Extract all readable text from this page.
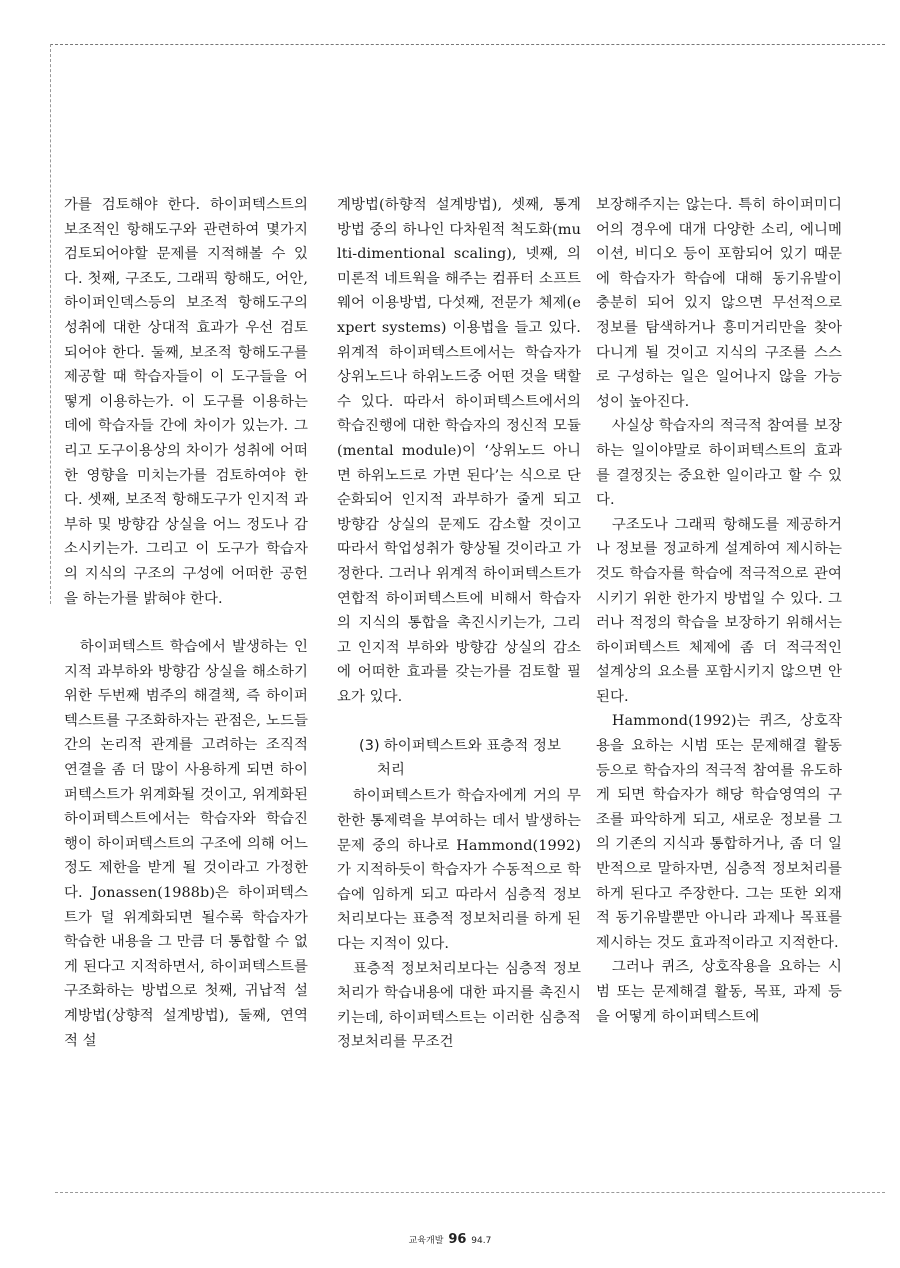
가를 검토해야 한다. 하이퍼텍스트의 보조적인 항해도구와 관련하여 몇가지 검토되어야할 문제를 지적해볼 수 있다. 첫째, 구조도, 그래픽 항해도, 어안, 하이퍼인덱스등의 보조적 항해도구의 성취에 대한 상대적 효과가 우선 검토되어야 한다. 둘째, 보조적 항해도구를 제공할 때 학습자들이 이 도구들을 어떻게 이용하는가. 이 도구를 이용하는 데에 학습자들 간에 차이가 있는가. 그리고 도구이용상의 차이가 성취에 어떠한 영향을 미치는가를 검토하여야 한다. 셋째, 보조적 항해도구가 인지적 과부하 및 방향감 상실을 어느 정도나 감소시키는가. 그리고 이 도구가 학습자의 지식의 구조의 구성에 어떠한 공헌을 하는가를 밝혀야 한다.

하이퍼텍스트 학습에서 발생하는 인지적 과부하와 방향감 상실을 해소하기 위한 두번째 범주의 해결책, 즉 하이퍼텍스트를 구조화하자는 관점은, 노드들간의 논리적 관계를 고려하는 조직적 연결을 좀 더 많이 사용하게 되면 하이퍼텍스트가 위계화될 것이고, 위계화된 하이퍼텍스트에서는 학습자와 학습진행이 하이퍼텍스트의 구조에 의해 어느 정도 제한을 받게 될 것이라고 가정한다. Jonassen(1988b)은 하이퍼텍스트가 덜 위계화되면 될수록 학습자가 학습한 내용을 그 만큼 더 통합할 수 없게 된다고 지적하면서, 하이퍼텍스트를 구조화하는 방법으로 첫째, 귀납적 설계방법(상향적 설계방법), 둘째, 연역적 설

계방법(하향적 설계방법), 셋째, 통계방법 중의 하나인 다차원적 척도화(multi-dimentional scaling), 넷째, 의미론적 네트웍을 해주는 컴퓨터 소프트웨어 이용방법, 다섯째, 전문가 체제(expert systems) 이용법을 들고 있다. 위계적 하이퍼텍스트에서는 학습자가 상위노드나 하위노드중 어떤 것을 택할 수 있다. 따라서 하이퍼텍스트에서의 학습진행에 대한 학습자의 정신적 모듈(mental module)이 ‘상위노드 아니면 하위노드로 가면 된다’는 식으로 단순화되어 인지적 과부하가 줄게 되고 방향감 상실의 문제도 감소할 것이고 따라서 학업성취가 향상될 것이라고 가정한다. 그러나 위계적 하이퍼텍스트가 연합적 하이퍼텍스트에 비해서 학습자의 지식의 통합을 촉진시키는가, 그리고 인지적 부하와 방향감 상실의 감소에 어떠한 효과를 갖는가를 검토할 필요가 있다.

(3) 하이퍼텍스트와 표층적 정보
처리

하이퍼텍스트가 학습자에게 거의 무한한 통제력을 부여하는 데서 발생하는 문제 중의 하나로 Hammond(1992)가 지적하듯이 학습자가 수동적으로 학습에 임하게 되고 따라서 심층적 정보처리보다는 표층적 정보처리를 하게 된다는 지적이 있다.

표층적 정보처리보다는 심층적 정보처리가 학습내용에 대한 파지를 촉진시키는데, 하이퍼텍스트는 이러한 심층적 정보처리를 무조건

보장해주지는 않는다. 특히 하이퍼미디어의 경우에 대개 다양한 소리, 에니메이션, 비디오 등이 포함되어 있기 때문에 학습자가 학습에 대해 동기유발이 충분히 되어 있지 않으면 무선적으로 정보를 탐색하거나 흥미거리만을 찾아다니게 될 것이고 지식의 구조를 스스로 구성하는 일은 일어나지 않을 가능성이 높아진다.

사실상 학습자의 적극적 참여를 보장하는 일이야말로 하이퍼텍스트의 효과를 결정짓는 중요한 일이라고 할 수 있다.

구조도나 그래픽 항해도를 제공하거나 정보를 정교하게 설계하여 제시하는 것도 학습자를 학습에 적극적으로 관여시키기 위한 한가지 방법일 수 있다. 그러나 적정의 학습을 보장하기 위해서는 하이퍼텍스트 체제에 좀 더 적극적인 설계상의 요소를 포함시키지 않으면 안된다.

Hammond(1992)는 퀴즈, 상호작용을 요하는 시범 또는 문제해결 활동 등으로 학습자의 적극적 참여를 유도하게 되면 학습자가 해당 학습영역의 구조를 파악하게 되고, 새로운 정보를 그의 기존의 지식과 통합하거나, 좀 더 일반적으로 말하자면, 심층적 정보처리를 하게 된다고 주장한다. 그는 또한 외재적 동기유발뿐만 아니라 과제나 목표를 제시하는 것도 효과적이라고 지적한다.

그러나 퀴즈, 상호작용을 요하는 시범 또는 문제해결 활동, 목표, 과제 등을 어떻게 하이퍼텍스트에

교육개발 96 94.7
